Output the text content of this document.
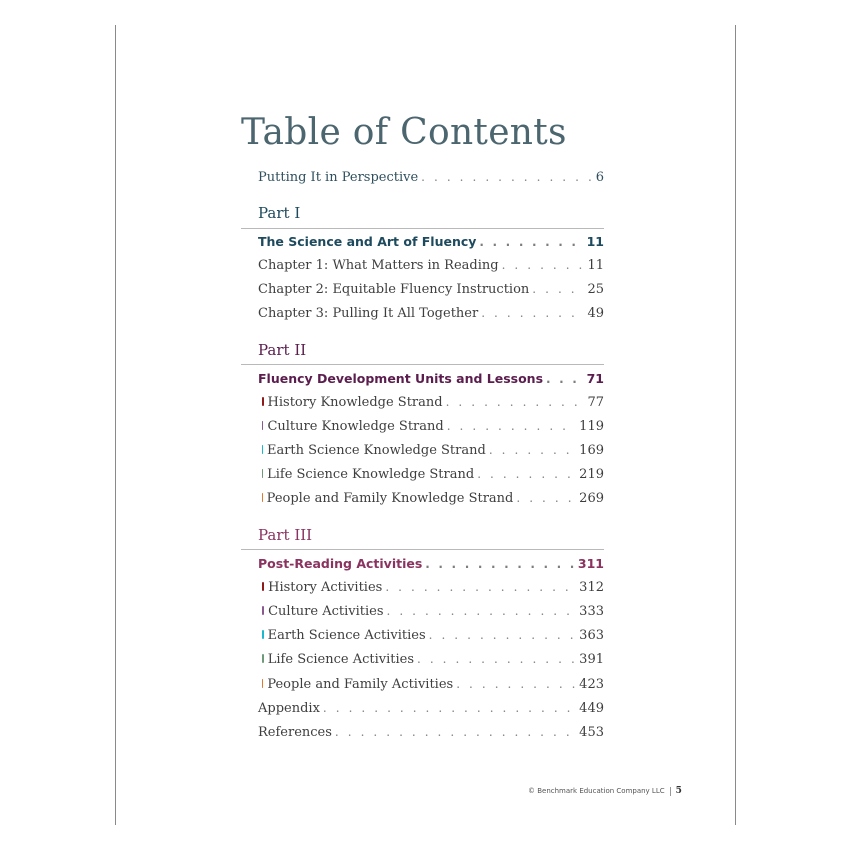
Table of Contents
Putting It in Perspective . . .	6
Part I
The Science and Art of Fluency . . .	11
Chapter 1: What Matters in Reading . . .	11
Chapter 2: Equitable Fluency Instruction . . .	25
Chapter 3: Pulling It All Together . . .	49
Part II
Fluency Development Units and Lessons . . .	71
History Knowledge Strand . . .	77
Culture Knowledge Strand . . .	119
Earth Science Knowledge Strand . . .	169
Life Science Knowledge Strand . . .	219
People and Family Knowledge Strand . . .	269
Part III
Post-Reading Activities . . .	311
History Activities . . .	312
Culture Activities . . .	333
Earth Science Activities . . .	363
Life Science Activities . . .	391
People and Family Activities . . .	423
Appendix . . .	449
References . . .	453
© Benchmark Education Company LLC 5
